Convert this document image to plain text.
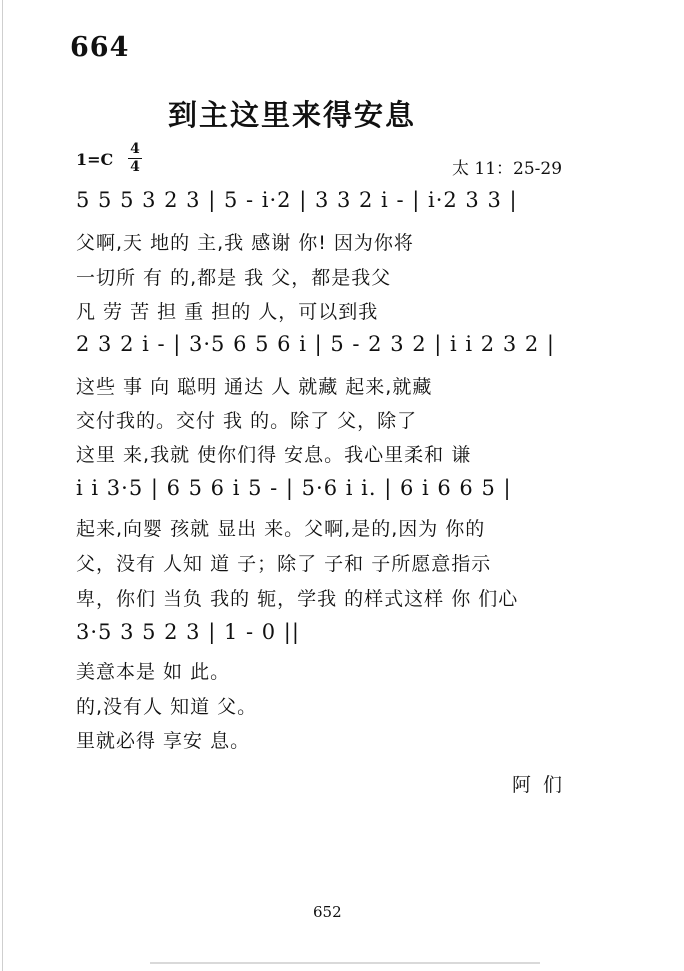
664
到主这里来得安息
1=C
4
4	太 11：25-29
5 5 5 3 2 3 | 5 - i·2 | 3 3 2 i - | i·2 3 3 |
父啊,天 地的 主,我 感谢 你! 因为你将
一切所 有 的,都是 我 父，都是我父
凡 劳 苦 担 重 担的 人，可以到我
2 3 2 i - | 3·5 6 5 6 i | 5 - 2 3 2 | i i 2 3 2 |
这些 事 向 聪明 通达 人 就藏 起来,就藏
交付我的。交付 我 的。除了 父，除了
这里 来,我就 使你们得 安息。我心里柔和 谦
i i 3·5 | 6 5 6 i 5 - | 5·6 i i. | 6 i 6 6 5 |
起来,向婴 孩就 显出 来。父啊,是的,因为 你的
父，没有 人知 道 子；除了 子和 子所愿意指示
卑，你们 当负 我的 轭，学我 的样式这样 你 们心
3·5 3 5 2 3 | 1 - 0 ||
美意本是 如 此。
的,没有人 知道 父。
里就必得 享安 息。
阿 们
652
